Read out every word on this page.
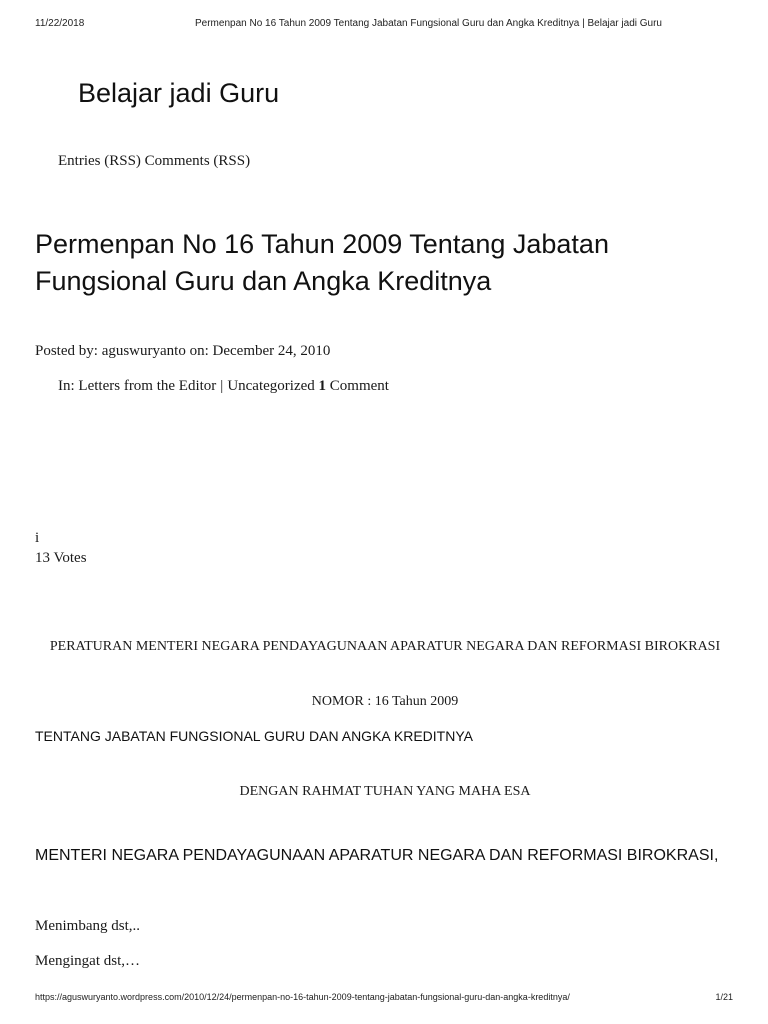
11/22/2018	Permenpan No 16 Tahun 2009 Tentang Jabatan Fungsional Guru dan Angka Kreditnya | Belajar jadi Guru
Belajar jadi Guru
Entries (RSS) Comments (RSS)
Permenpan No 16 Tahun 2009 Tentang Jabatan Fungsional Guru dan Angka Kreditnya
Posted by: aguswuryanto on: December 24, 2010
In: Letters from the Editor | Uncategorized 1 Comment
i
13 Votes
PERATURAN MENTERI NEGARA PENDAYAGUNAAN APARATUR NEGARA DAN REFORMASI BIROKRASI
NOMOR : 16 Tahun 2009
TENTANG JABATAN FUNGSIONAL GURU DAN ANGKA KREDITNYA
DENGAN RAHMAT TUHAN YANG MAHA ESA
MENTERI NEGARA PENDAYAGUNAAN APARATUR NEGARA DAN REFORMASI BIROKRASI,
Menimbang dst,..
Mengingat dst,…
https://aguswuryanto.wordpress.com/2010/12/24/permenpan-no-16-tahun-2009-tentang-jabatan-fungsional-guru-dan-angka-kreditnya/	1/21
